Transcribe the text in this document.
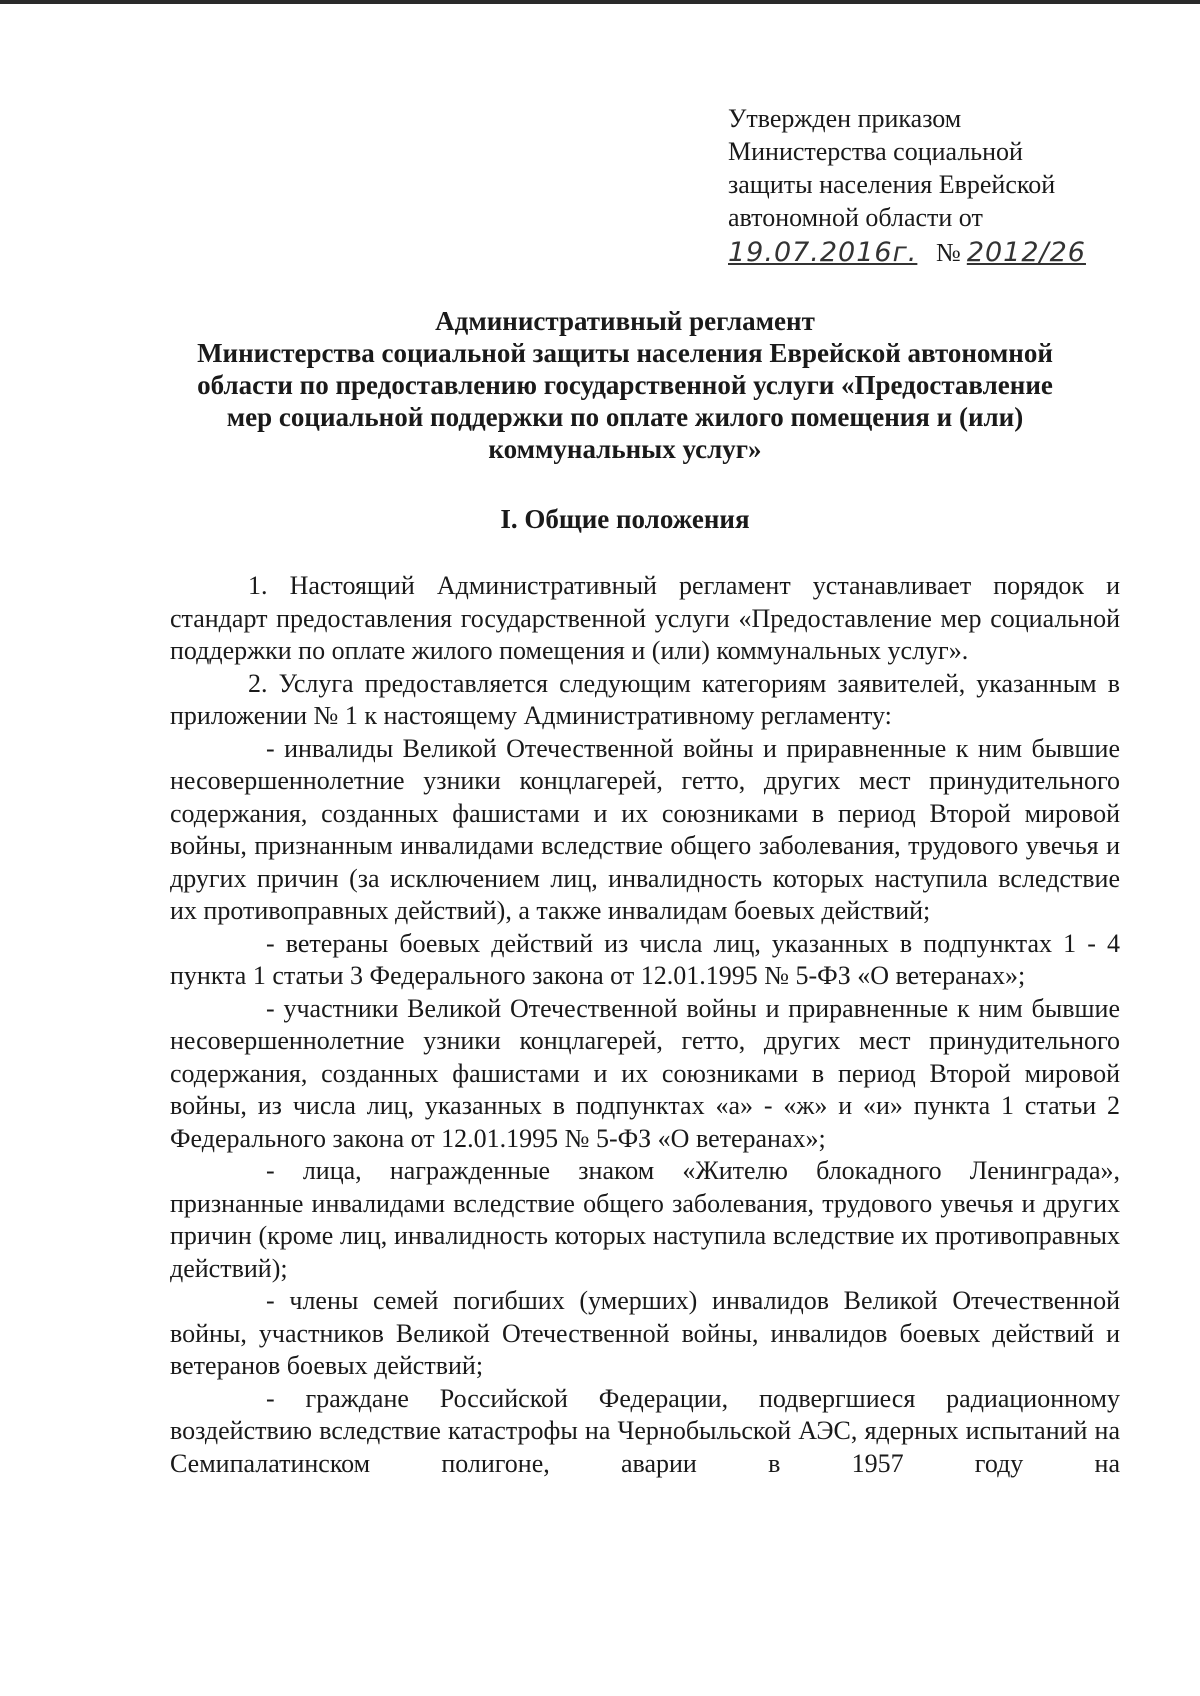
Утвержден приказом
Министерства социальной
защиты населения Еврейской
автономной области от
19.07.2016г. № 2012/26
Административный регламент
Министерства социальной защиты населения Еврейской автономной
области по предоставлению государственной услуги «Предоставление
мер социальной поддержки по оплате жилого помещения и (или)
коммунальных услуг»
I. Общие положения

1. Настоящий Административный регламент устанавливает порядок и стандарт предоставления государственной услуги «Предоставление мер социальной поддержки по оплате жилого помещения и (или) коммунальных услуг».

2. Услуга предоставляется следующим категориям заявителей, указанным в приложении № 1 к настоящему Административному регламенту:

- инвалиды Великой Отечественной войны и приравненные к ним бывшие несовершеннолетние узники концлагерей, гетто, других мест принудительного содержания, созданных фашистами и их союзниками в период Второй мировой войны, признанным инвалидами вследствие общего заболевания, трудового увечья и других причин (за исключением лиц, инвалидность которых наступила вследствие их противоправных действий), а также инвалидам боевых действий;

- ветераны боевых действий из числа лиц, указанных в подпунктах 1 - 4 пункта 1 статьи 3 Федерального закона от 12.01.1995 № 5-ФЗ «О ветеранах»;

- участники Великой Отечественной войны и приравненные к ним бывшие несовершеннолетние узники концлагерей, гетто, других мест принудительного содержания, созданных фашистами и их союзниками в период Второй мировой войны, из числа лиц, указанных в подпунктах «а» - «ж» и «и» пункта 1 статьи 2 Федерального закона от 12.01.1995 № 5-ФЗ «О ветеранах»;

- лица, награжденные знаком «Жителю блокадного Ленинграда», признанные инвалидами вследствие общего заболевания, трудового увечья и других причин (кроме лиц, инвалидность которых наступила вследствие их противоправных действий);

- члены семей погибших (умерших) инвалидов Великой Отечественной войны, участников Великой Отечественной войны, инвалидов боевых действий и ветеранов боевых действий;

- граждане Российской Федерации, подвергшиеся радиационному воздействию вследствие катастрофы на Чернобыльской АЭС, ядерных испытаний на Семипалатинском полигоне, аварии в 1957 году на
